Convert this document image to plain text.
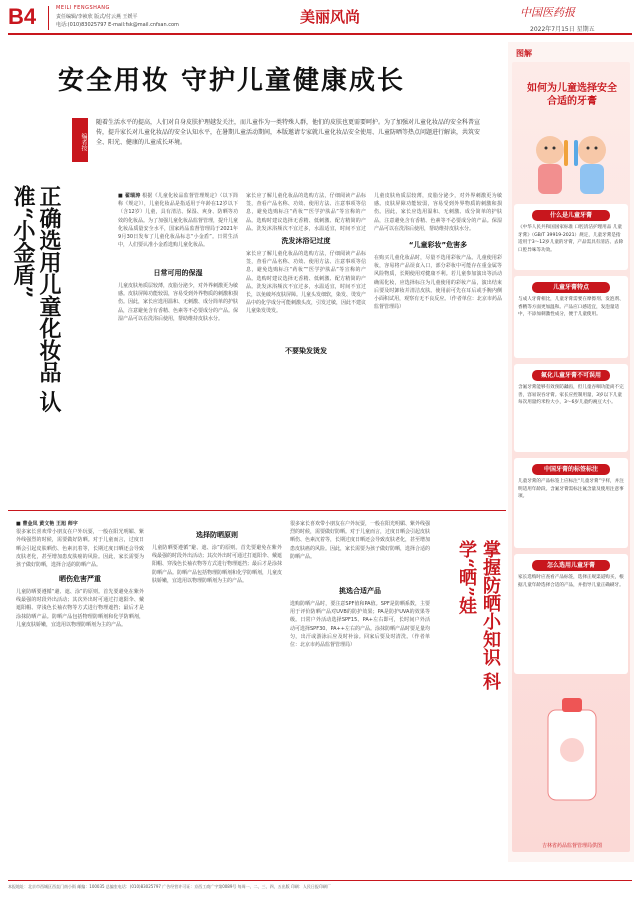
B4	MEILI FENGSHANG
责任编辑/李祯欣 版式/付云燕 王媛平
电话:(010)83025797 E-mail:fsk@mail.cnfsan.com	美丽风尚	中国医药报
2022年7月15日 星期五
安全用妆 守护儿童健康成长
编者按

随着生活水平的提高，人们对自身皮肤护理越发关注，而儿童作为一类特殊人群，他们的皮肤也更需要呵护。为了加强对儿童化妆品的安全科普宣传，提升家长对儿童化妆品的安全认知水平，在暑期儿童活动期间，本版邀请专家就儿童化妆品安全使用、儿童防晒等热点问题进行解读，共筑安全、阳光、健康的儿童成长环境。

正确选用儿童化妆品 认准“小金盾”	■ 翟瑞涛 根据《儿童化妆品监督管理规定》（以下简称《规定》），儿童化妆品是指适用于年龄在12岁以下（含12岁）儿童，具有清洁、保湿、爽身、防晒等功效的化妆品。为了加强儿童化妆品监督管理，提升儿童化妆品质量安全水平，国家药品监督管理局于2021年9月30日发布了儿童化妆品标志“小金盾”。日常生活中，人们要认准小金盾选购儿童化妆品。
日常可用的保湿
儿童皮肤角质层较薄，皮脂分泌少，对外界刺激更为敏感。皮肤屏障功能较弱，容易受到外界物质的刺激和损伤。因此，家长应选用温和、无刺激、成分简单的护肤品，注意避免含有香精、色素等不必要成分的产品。保湿产品可以在洗浴后使用，帮助维持皮肤水分。
家长应了解儿童化妆品的选购方法，仔细阅读产品标签，查看产品名称、功效、使用方法、注意事项等信息，避免选购标注“药妆”“医学护肤品”等宣称的产品。选购时建议选择无香精、低刺激、配方精简的产品。洗发沐浴频次不宜过多，水温适宜，时间不宜过
洗发沐浴记过度
家长应了解儿童化妆品的选购方法，仔细阅读产品标签，查看产品名称、功效、使用方法、注意事项等信息，避免选购标注“药妆”“医学护肤品”等宣称的产品。选购时建议选择无香精、低刺激、配方精简的产品。洗发沐浴频次不宜过多，水温适宜，时间不宜过长，以免破坏皮肤屏障。儿童头发细软，染发、烫发产品中的化学成分可能刺激头皮，引发过敏，因此不建议儿童染发烫发。
不要染发烫发
“儿童彩妆”危害多
儿童皮肤角质层较薄，皮脂分泌少，对外界刺激更为敏感。皮肤屏障功能较弱，容易受到外界物质的刺激和损伤。因此，家长应选用温和、无刺激、成分简单的护肤品，注意避免含有香精、色素等不必要成分的产品。保湿产品可以在洗浴后使用，帮助维持皮肤水分。
在购买儿童化妆品时，尽量不选用彩妆产品。儿童使用彩妆，容易将产品误食入口，部分彩妆中可能存在重金属等风险物质，长期使用对健康不利。若儿童参加演出等活动确需化妆，应选择标注为儿童使用的彩妆产品，演出结束后要及时卸妆并清洁皮肤。使用前可先在耳后或手腕内侧小面积试用，观察有无不良反应。（作者单位：北京市药品监督管理局）
■ 曹金凤 黄文艳 王旭 师宇
很多家长喜欢带小朋友在户外玩耍，一般在阳光明媚、紫外线强烈的时候，需要做好防晒。对于儿童而言，过度日晒会引起皮肤晒伤、色素沉着等，长期过度日晒还会导致皮肤老化，甚至增加患皮肤癌的风险。因此，家长需要为孩子做好防晒，选择合适的防晒产品。
晒伤危害严重
儿童防晒要遵循“避、遮、涂”的原则。首先要避免在紫外线最强的时段外出活动；其次外出时可通过打遮阳伞、戴遮阳帽、穿浅色长袖衣物等方式进行物理遮挡；最后才是涂抹防晒产品。防晒产品包括物理防晒剂和化学防晒剂，儿童皮肤娇嫩，宜选用以物理防晒剂为主的产品。
选择防晒原则
儿童防晒要遵循“避、遮、涂”的原则。首先要避免在紫外线最强的时段外出活动；其次外出时可通过打遮阳伞、戴遮阳帽、穿浅色长袖衣物等方式进行物理遮挡；最后才是涂抹防晒产品。防晒产品包括物理防晒剂和化学防晒剂，儿童皮肤娇嫩，宜选用以物理防晒剂为主的产品。
挑选合适产品
很多家长喜欢带小朋友在户外玩耍，一般在阳光明媚、紫外线强烈的时候，需要做好防晒。对于儿童而言，过度日晒会引起皮肤晒伤、色素沉着等，长期过度日晒还会导致皮肤老化，甚至增加患皮肤癌的风险。因此，家长需要为孩子做好防晒，选择合适的防晒产品。
选购防晒产品时，要注意SPF值和PA值。SPF是防晒系数，主要用于评价防晒产品对UVB的防护效果；PA是防护UVA的效果等级。日常户外活动选择SPF15、PA+左右即可，长时间户外活动可选择SPF30、PA++左右的产品。涂抹防晒产品时要足量均匀，出汗或游泳后应及时补涂。回家后要及时清洗。（作者单位：北京市药品监督管理局）	掌握防晒小知识 科学“晒”娃
图解
如何为儿童选择安全合适的牙膏
什么是儿童牙膏
《中华人民共和国国家标准 口腔清洁护理用品 儿童牙膏》（GB/T 39919-2021）规定，儿童牙膏是指适用于3～12岁儿童的牙膏，产品需具有清洁、去除口腔异味等功效。
儿童牙膏特点
与成人牙膏相比，儿童牙膏需要在摩擦剂、发泡剂、香精等方面更加温和。产品应口感适宜，发泡量适中，不添加刺激性成分，便于儿童使用。
氟化儿童牙膏不可误用
含氟牙膏能够有效预防龋齿，但儿童吞咽功能尚不完善，容易误吞牙膏。家长应控制用量，3岁以下儿童每次用量约米粒大小，3～6岁儿童约豌豆大小。
中国牙膏的标签标注
儿童牙膏的产品标签上应标注“儿童牙膏”字样，并注明适用年龄段。含氟牙膏需标注氟含量及使用注意事项。
怎么选用儿童牙膏
家长选购时应查看产品标签，选择正规渠道购买，根据儿童年龄选择合适的产品，并指导儿童正确刷牙。
吉林省药品监督管理局供图
本报地址：北京市西城区西直门南小街 邮编：100035 总编室电话：(010)83025797 广告经营许可证：京西工商广字第0089号 每周一、二、三、四、五出版 印刷：人民日报印刷厂
